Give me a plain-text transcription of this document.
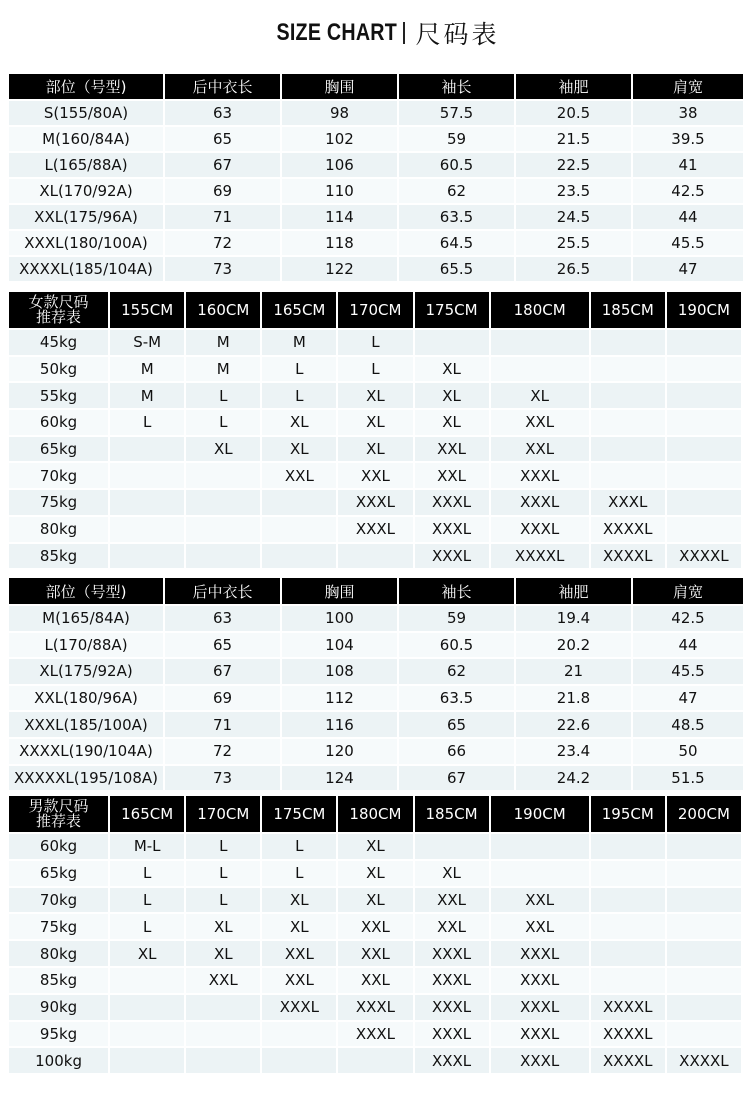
SIZE CHART 尺码表
部位（号型)	后中衣长	胸围	袖长	袖肥	肩宽
S(155/80A)	63	98	57.5	20.5	38
M(160/84A)	65	102	59	21.5	39.5
L(165/88A)	67	106	60.5	22.5	41
XL(170/92A)	69	110	62	23.5	42.5
XXL(175/96A)	71	114	63.5	24.5	44
XXXL(180/100A)	72	118	64.5	25.5	45.5
XXXXL(185/104A)	73	122	65.5	26.5	47
女款尺码
推荐表	155CM	160CM	165CM	170CM	175CM	180CM	185CM	190CM
45kg	S-M	M	M	L				
50kg	M	M	L	L	XL			
55kg	M	L	L	XL	XL	XL		
60kg	L	L	XL	XL	XL	XXL		
65kg		XL	XL	XL	XXL	XXL		
70kg			XXL	XXL	XXL	XXXL		
75kg				XXXL	XXXL	XXXL	XXXL	
80kg				XXXL	XXXL	XXXL	XXXXL	
85kg					XXXL	XXXXL	XXXXL	XXXXL
部位（号型)	后中衣长	胸围	袖长	袖肥	肩宽
M(165/84A)	63	100	59	19.4	42.5
L(170/88A)	65	104	60.5	20.2	44
XL(175/92A)	67	108	62	21	45.5
XXL(180/96A)	69	112	63.5	21.8	47
XXXL(185/100A)	71	116	65	22.6	48.5
XXXXL(190/104A)	72	120	66	23.4	50
XXXXXL(195/108A)	73	124	67	24.2	51.5
男款尺码
推荐表	165CM	170CM	175CM	180CM	185CM	190CM	195CM	200CM
60kg	M-L	L	L	XL				
65kg	L	L	L	XL	XL			
70kg	L	L	XL	XL	XXL	XXL		
75kg	L	XL	XL	XXL	XXL	XXL		
80kg	XL	XL	XXL	XXL	XXXL	XXXL		
85kg		XXL	XXL	XXL	XXXL	XXXL		
90kg			XXXL	XXXL	XXXL	XXXL	XXXXL	
95kg				XXXL	XXXL	XXXL	XXXXL	
100kg					XXXL	XXXL	XXXXL	XXXXL
